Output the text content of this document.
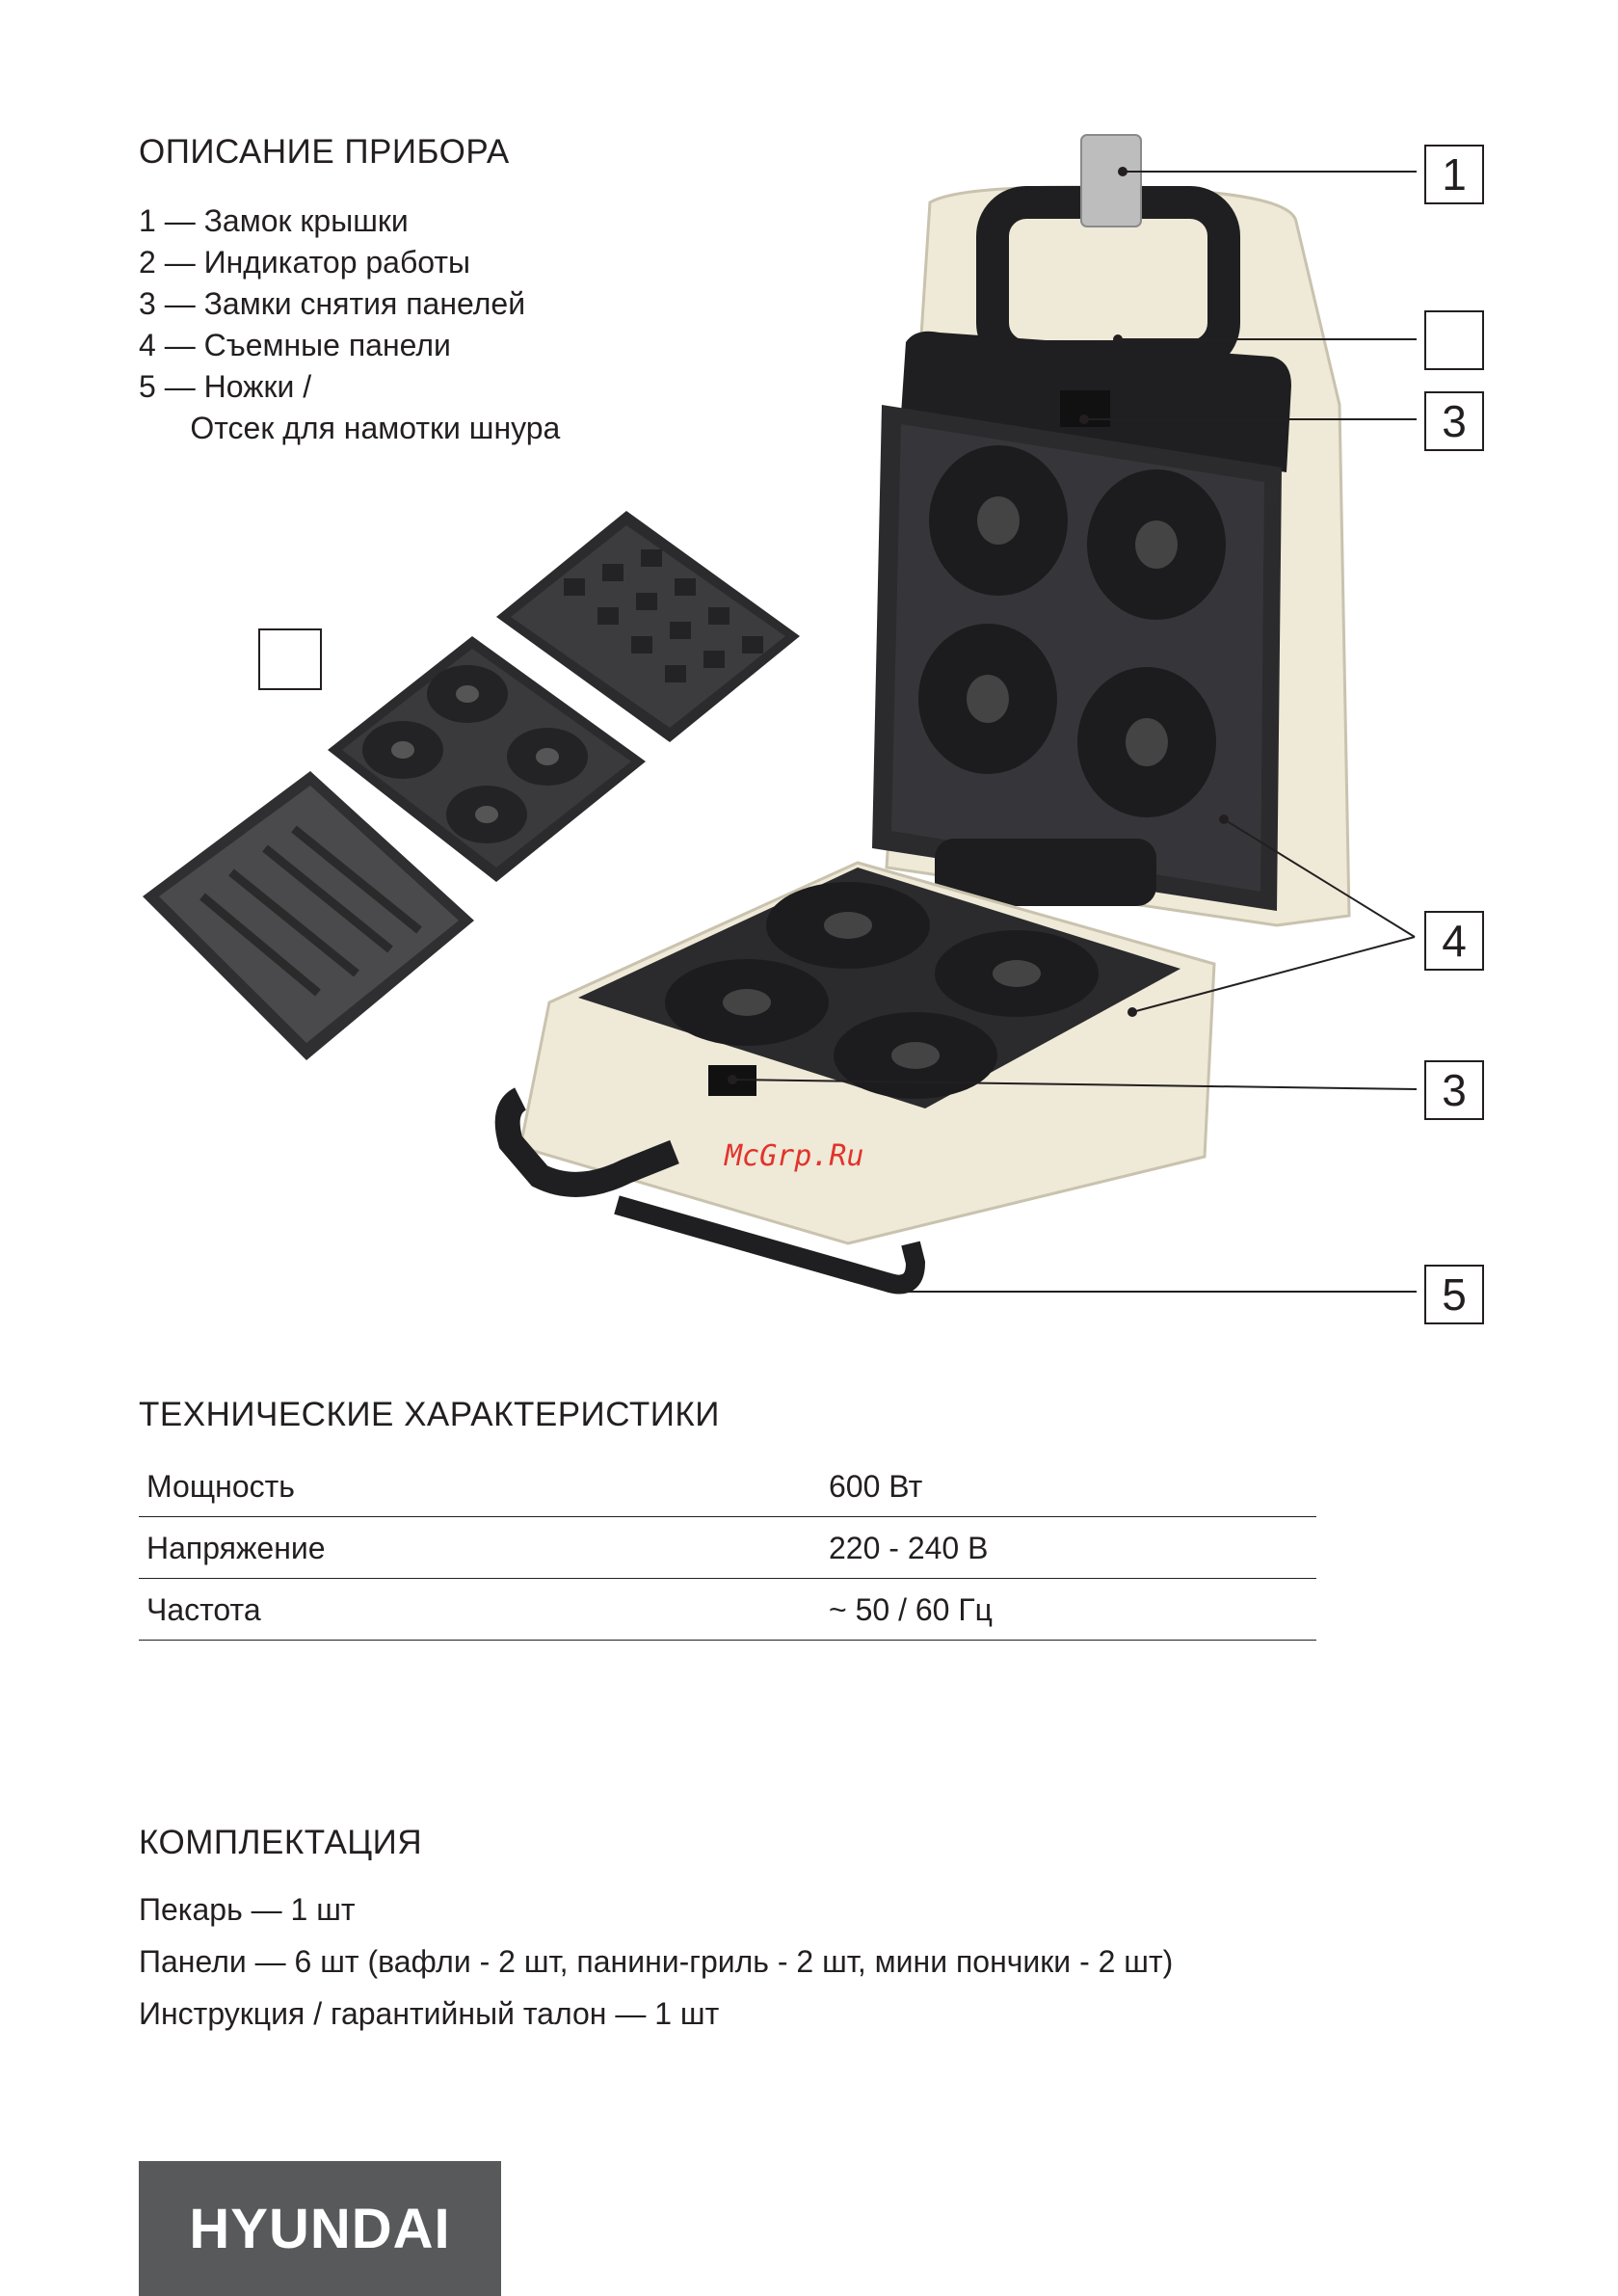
ОПИСАНИЕ ПРИБОРА
1 — Замок крышки
2 — Индикатор работы
3 — Замки снятия панелей
4 — Съемные панели
5 — Ножки /
Отсек для намотки шнура
1
3
4
3
5
McGrp.Ru
ТЕХНИЧЕСКИЕ ХАРАКТЕРИСТИКИ
Мощность	600 Вт
Напряжение	220 - 240 В
Частота	~ 50 / 60 Гц
КОМПЛЕКТАЦИЯ
Пекарь — 1 шт
Панели — 6 шт (вафли - 2 шт, панини-гриль - 2 шт, мини пончики - 2 шт)
Инструкция / гарантийный талон — 1 шт
HYUNDAI
